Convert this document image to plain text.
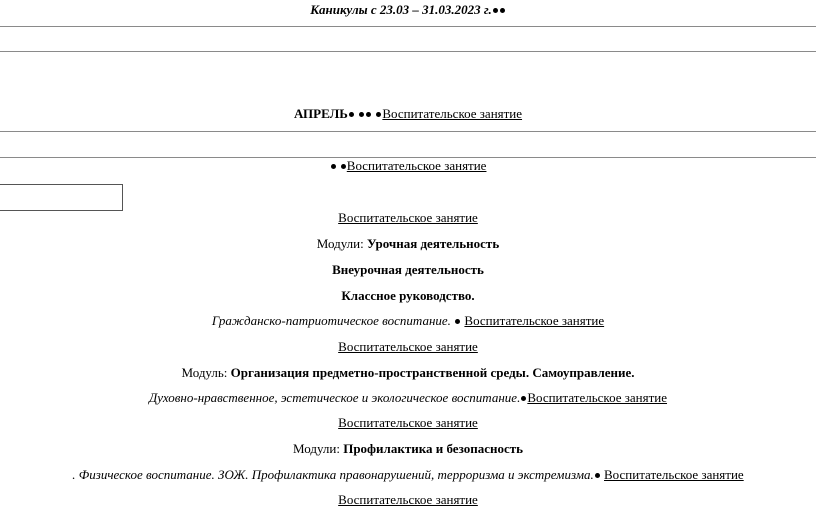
Каникулы с 23.03 – 31.03.2023 г.
АПРЕЛЬ	Воспитательское занятие
Воспитательское занятие
Воспитательское занятие
Модули: Урочная деятельность
Внеурочная деятельность
Классное руководство.
Гражданско-патриотическое воспитание.  Воспитательское занятие
Воспитательское занятие
Модуль: Организация предметно-пространственной среды. Самоуправление.
Духовно-нравственное, эстетическое и экологическое воспитание. Воспитательское занятие
Воспитательское занятие
Модули: Профилактика и безопасность
. Физическое воспитание. ЗОЖ. Профилактика правонарушений, терроризма и экстремизма. Воспитательское занятие
Воспитательское занятие
